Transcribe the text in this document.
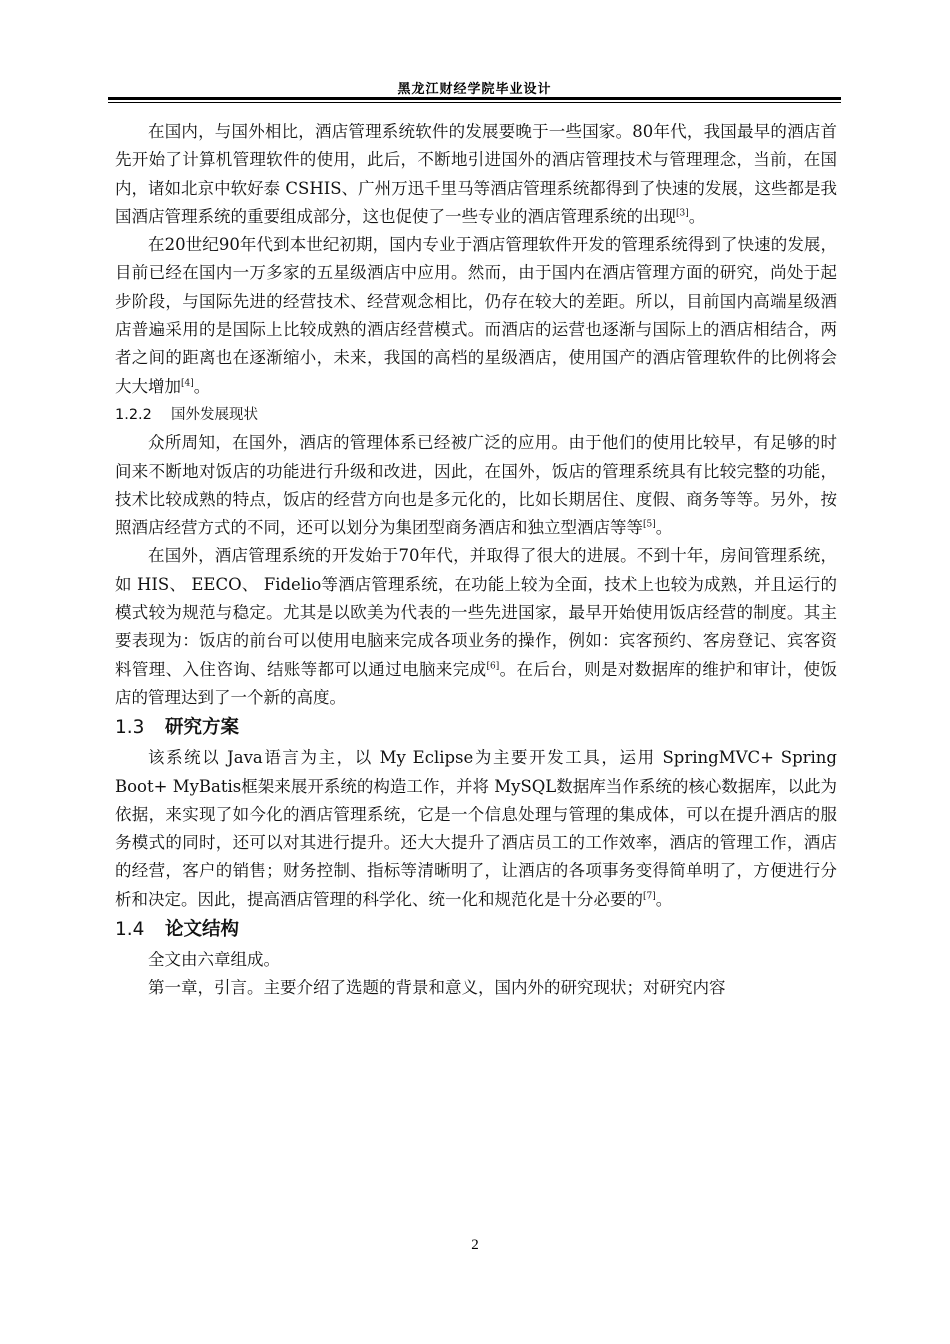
黑龙江财经学院毕业设计

在国内，与国外相比，酒店管理系统软件的发展要晚于一些国家。80年代，我国最早的酒店首先开始了计算机管理软件的使用，此后，不断地引进国外的酒店管理技术与管理理念，当前，在国内，诸如北京中软好泰 CSHIS、广州万迅千里马等酒店管理系统都得到了快速的发展，这些都是我国酒店管理系统的重要组成部分，这也促使了一些专业的酒店管理系统的出现[3]。

在20世纪90年代到本世纪初期，国内专业于酒店管理软件开发的管理系统得到了快速的发展，目前已经在国内一万多家的五星级酒店中应用。然而，由于国内在酒店管理方面的研究，尚处于起步阶段，与国际先进的经营技术、经营观念相比，仍存在较大的差距。所以，目前国内高端星级酒店普遍采用的是国际上比较成熟的酒店经营模式。而酒店的运营也逐渐与国际上的酒店相结合，两者之间的距离也在逐渐缩小，未来，我国的高档的星级酒店，使用国产的酒店管理软件的比例将会大大增加[4]。

1.2.2 国外发展现状

众所周知，在国外，酒店的管理体系已经被广泛的应用。由于他们的使用比较早，有足够的时间来不断地对饭店的功能进行升级和改进，因此，在国外，饭店的管理系统具有比较完整的功能，技术比较成熟的特点，饭店的经营方向也是多元化的，比如长期居住、度假、商务等等。另外，按照酒店经营方式的不同，还可以划分为集团型商务酒店和独立型酒店等等[5]。

在国外，酒店管理系统的开发始于70年代，并取得了很大的进展。不到十年，房间管理系统，如 HIS、 EECO、 Fidelio等酒店管理系统，在功能上较为全面，技术上也较为成熟，并且运行的模式较为规范与稳定。尤其是以欧美为代表的一些先进国家，最早开始使用饭店经营的制度。其主要表现为：饭店的前台可以使用电脑来完成各项业务的操作，例如：宾客预约、客房登记、宾客资料管理、入住咨询、结账等都可以通过电脑来完成[6]。在后台，则是对数据库的维护和审计，使饭店的管理达到了一个新的高度。

1.3 研究方案

该系统以 Java语言为主，以 My Eclipse为主要开发工具，运用 SpringMVC+ Spring Boot+ MyBatis框架来展开系统的构造工作，并将 MySQL数据库当作系统的核心数据库，以此为依据，来实现了如今化的酒店管理系统，它是一个信息处理与管理的集成体，可以在提升酒店的服务模式的同时，还可以对其进行提升。还大大提升了酒店员工的工作效率，酒店的管理工作，酒店的经营，客户的销售；财务控制、指标等清晰明了，让酒店的各项事务变得简单明了，方便进行分析和决定。因此，提高酒店管理的科学化、统一化和规范化是十分必要的[7]。

1.4 论文结构

全文由六章组成。

第一章，引言。主要介绍了选题的背景和意义，国内外的研究现状；对研究内容

2
